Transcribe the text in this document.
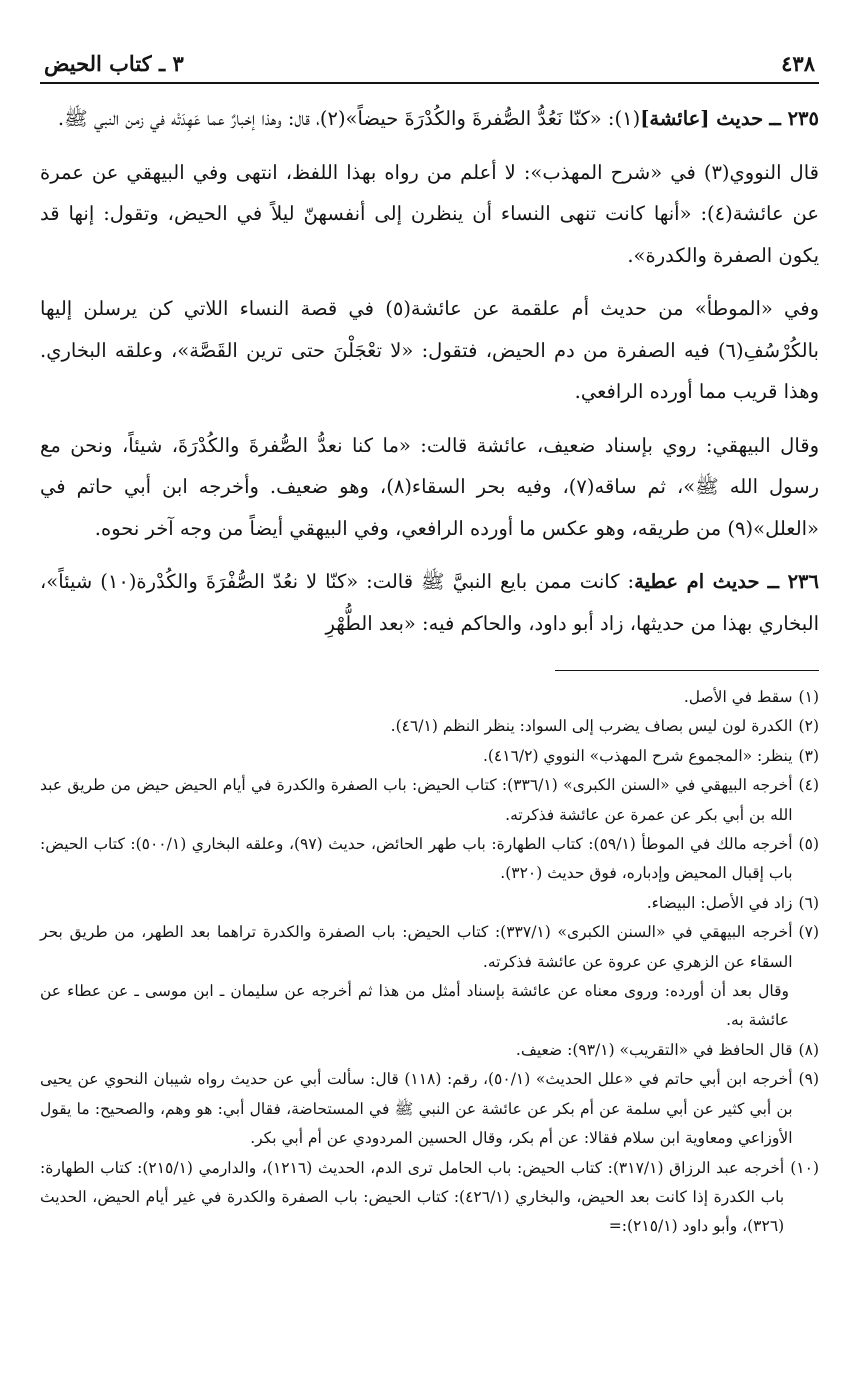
٤٣٨
٣ ـ كتاب الحيض

٢٣٥ ــ حديث [عائشة](١): «كنّا نَعُدُّ الصُّفرةَ والكُدْرَةَ حيضاً»(٢)، قال: وهذا إخبارٌ عما عَهِدَتْه في زمن النبي ﷺ.

قال النووي(٣) في «شرح المهذب»: لا أعلم من رواه بهذا اللفظ، انتهى وفي البيهقي عن عمرة عن عائشة(٤): «أنها كانت تنهى النساء أن ينظرن إلى أنفسهنّ ليلاً في الحيض، وتقول: إنها قد يكون الصفرة والكدرة».

وفي «الموطأ» من حديث أم علقمة عن عائشة(٥) في قصة النساء اللاتي كن يرسلن إليها بالكُرْسُفِ(٦) فيه الصفرة من دم الحيض، فتقول: «لا تعْجَلْنَ حتى ترين القَصَّة»، وعلقه البخاري. وهذا قريب مما أورده الرافعي.

وقال البيهقي: روي بإسناد ضعيف، عائشة قالت: «ما كنا نعدُّ الصُّفرةَ والكُدْرَةَ، شيئاً، ونحن مع رسول الله ﷺ»، ثم ساقه(٧)، وفيه بحر السقاء(٨)، وهو ضعيف. وأخرجه ابن أبي حاتم في «العلل»(٩) من طريقه، وهو عكس ما أورده الرافعي، وفي البيهقي أيضاً من وجه آخر نحوه.

٢٣٦ ــ حديث ام عطية: كانت ممن بايع النبيَّ ﷺ قالت: «كنّا لا نعُدّ الصُّفْرَةَ والكُدْرة(١٠) شيئاً»، البخاري بهذا من حديثها، زاد أبو داود، والحاكم فيه: «بعد الطُّهْرِ

(١)
سقط في الأصل.
(٢)
الكدرة لون ليس بصاف يضرب إلى السواد: ينظر النظم (٤٦/١).
(٣)
ينظر: «المجموع شرح المهذب» النووي (٤١٦/٢).
(٤)
أخرجه البيهقي في «السنن الكبرى» (٣٣٦/١): كتاب الحيض: باب الصفرة والكدرة في أيام الحيض حيض من طريق عبد الله بن أبي بكر عن عمرة عن عائشة فذكرته.
(٥)
أخرجه مالك في الموطأ (٥٩/١): كتاب الطهارة: باب طهر الحائض، حديث (٩٧)، وعلقه البخاري (٥٠٠/١): كتاب الحيض: باب إقبال المحيض وإدباره، فوق حديث (٣٢٠).
(٦)
زاد في الأصل: البيضاء.
(٧)
أخرجه البيهقي في «السنن الكبرى» (٣٣٧/١): كتاب الحيض: باب الصفرة والكدرة تراهما بعد الطهر، من طريق بحر السقاء عن الزهري عن عروة عن عائشة فذكرته.
وقال بعد أن أورده: وروى معناه عن عائشة بإسناد أمثل من هذا ثم أخرجه عن سليمان ـ ابن موسى ـ عن عطاء عن عائشة به.
(٨)
قال الحافظ في «التقريب» (٩٣/١): ضعيف.
(٩)
أخرجه ابن أبي حاتم في «علل الحديث» (٥٠/١)، رقم: (١١٨) قال: سألت أبي عن حديث رواه شيبان النحوي عن يحيى بن أبي كثير عن أبي سلمة عن أم بكر عن عائشة عن النبي ﷺ في المستحاضة، فقال أبي: هو وهم، والصحيح: ما يقول الأوزاعي ومعاوية ابن سلام فقالا: عن أم بكر، وقال الحسين المردودي عن أم أبي بكر.
(١٠)
أخرجه عبد الرزاق (٣١٧/١): كتاب الحيض: باب الحامل ترى الدم، الحديث (١٢١٦)، والدارمي (٢١٥/١): كتاب الطهارة: باب الكدرة إذا كانت بعد الحيض، والبخاري (٤٢٦/١): كتاب الحيض: باب الصفرة والكدرة في غير أيام الحيض، الحديث (٣٢٦)، وأبو داود (٢١٥/١):=
